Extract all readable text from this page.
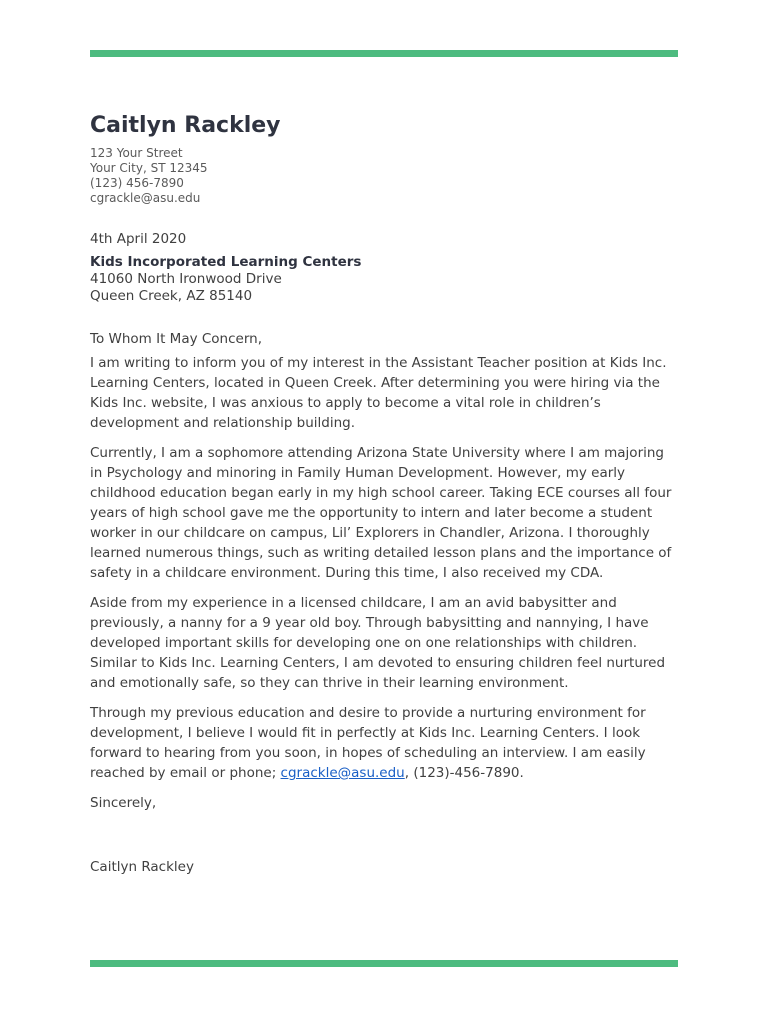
Caitlyn Rackley
123 Your Street
Your City, ST 12345
(123) 456-7890
cgrackle@asu.edu
4th April 2020
Kids Incorporated Learning Centers
41060 North Ironwood Drive
Queen Creek, AZ 85140
To Whom It May Concern,

I am writing to inform you of my interest in the Assistant Teacher position at Kids Inc. Learning Centers, located in Queen Creek. After determining you were hiring via the Kids Inc. website, I was anxious to apply to become a vital role in children’s development and relationship building.

Currently, I am a sophomore attending Arizona State University where I am majoring in Psychology and minoring in Family Human Development. However, my early childhood education began early in my high school career. Taking ECE courses all four years of high school gave me the opportunity to intern and later become a student worker in our childcare on campus, Lil’ Explorers in Chandler, Arizona. I thoroughly learned numerous things, such as writing detailed lesson plans and the importance of safety in a childcare environment. During this time, I also received my CDA.

Aside from my experience in a licensed childcare, I am an avid babysitter and previously, a nanny for a 9 year old boy. Through babysitting and nannying, I have developed important skills for developing one on one relationships with children. Similar to Kids Inc. Learning Centers, I am devoted to ensuring children feel nurtured and emotionally safe, so they can thrive in their learning environment.

Through my previous education and desire to provide a nurturing environment for development, I believe I would fit in perfectly at Kids Inc. Learning Centers. I look forward to hearing from you soon, in hopes of scheduling an interview. I am easily reached by email or phone; cgrackle@asu.edu, (123)-456-7890.

Sincerely,
Caitlyn Rackley
